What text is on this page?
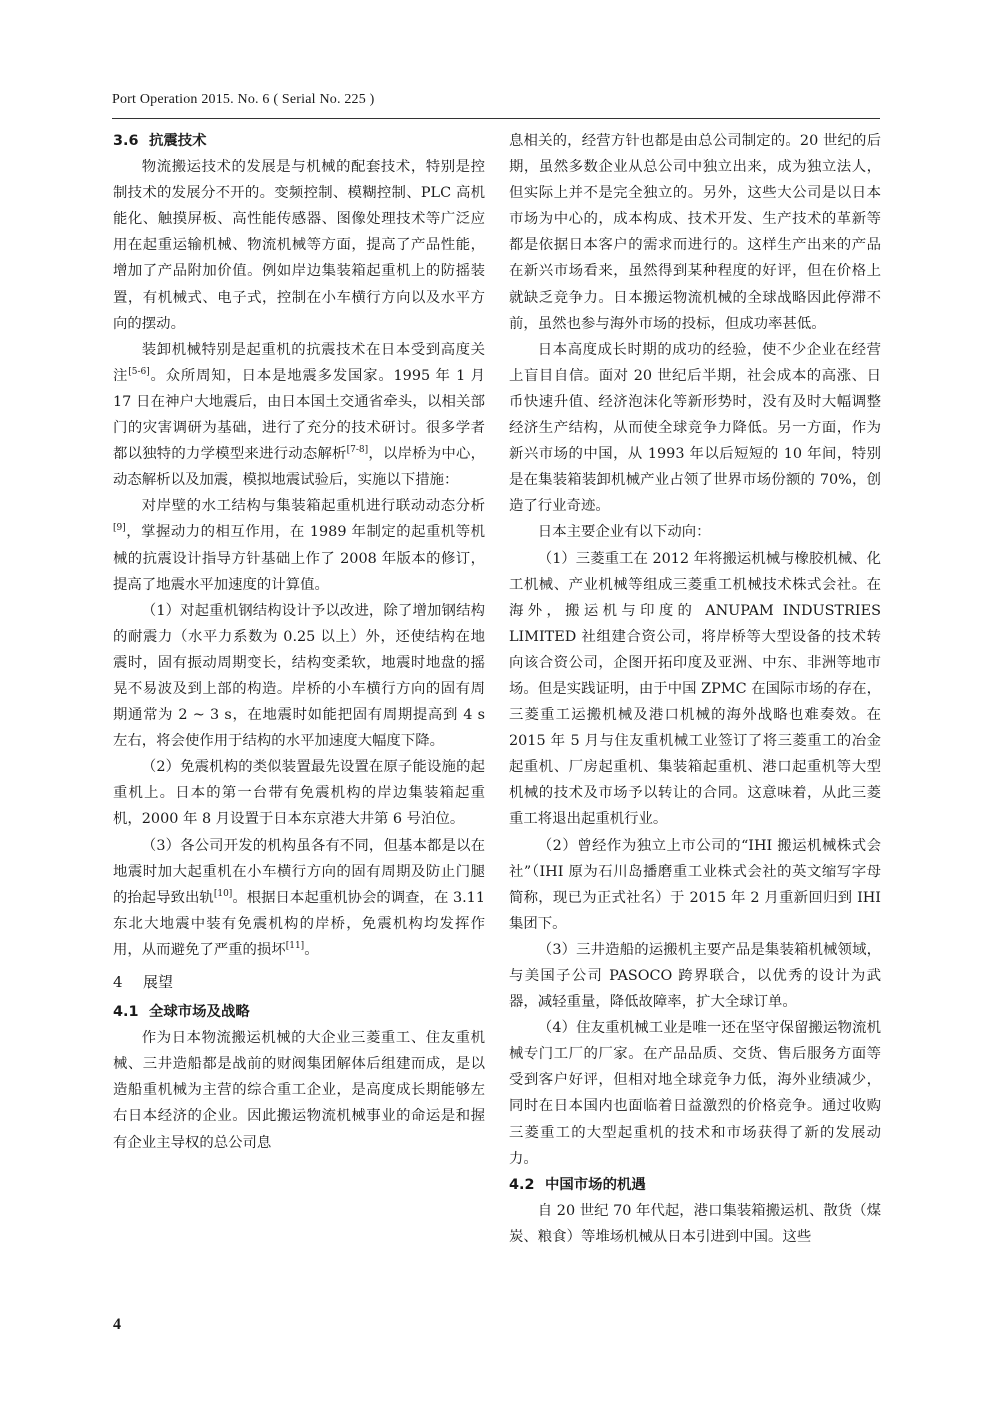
Port Operation 2015. No. 6 ( Serial No. 225 )

3.6 抗震技术

物流搬运技术的发展是与机械的配套技术，特别是控制技术的发展分不开的。变频控制、模糊控制、PLC 高机能化、触摸屏板、高性能传感器、图像处理技术等广泛应用在起重运输机械、物流机械等方面，提高了产品性能，增加了产品附加价值。例如岸边集装箱起重机上的防摇装置，有机械式、电子式，控制在小车横行方向以及水平方向的摆动。

装卸机械特别是起重机的抗震技术在日本受到高度关注[5-6]。众所周知，日本是地震多发国家。1995 年 1 月 17 日在神户大地震后，由日本国土交通省牵头，以相关部门的灾害调研为基础，进行了充分的技术研讨。很多学者都以独特的力学模型来进行动态解析[7-8]，以岸桥为中心，动态解析以及加震，模拟地震试验后，实施以下措施：

对岸壁的水工结构与集装箱起重机进行联动动态分析[9]，掌握动力的相互作用，在 1989 年制定的起重机等机械的抗震设计指导方针基础上作了 2008 年版本的修订，提高了地震水平加速度的计算值。

（1）对起重机钢结构设计予以改进，除了增加钢结构的耐震力（水平力系数为 0.25 以上）外，还使结构在地震时，固有振动周期变长，结构变柔软，地震时地盘的摇晃不易波及到上部的构造。岸桥的小车横行方向的固有周期通常为 2 ~ 3 s，在地震时如能把固有周期提高到 4 s 左右，将会使作用于结构的水平加速度大幅度下降。

（2）免震机构的类似装置最先设置在原子能设施的起重机上。日本的第一台带有免震机构的岸边集装箱起重机，2000 年 8 月设置于日本东京港大井第 6 号泊位。

（3）各公司开发的机构虽各有不同，但基本都是以在地震时加大起重机在小车横行方向的固有周期及防止门腿的抬起导致出轨[10]。根据日本起重机协会的调查，在 3.11 东北大地震中装有免震机构的岸桥，免震机构均发挥作用，从而避免了严重的损坏[11]。

4 展望

4.1 全球市场及战略

作为日本物流搬运机械的大企业三菱重工、住友重机械、三井造船都是战前的财阀集团解体后组建而成，是以造船重机械为主营的综合重工企业，是高度成长期能够左右日本经济的企业。因此搬运物流机械事业的命运是和握有企业主导权的总公司息

息相关的，经营方针也都是由总公司制定的。20 世纪的后期，虽然多数企业从总公司中独立出来，成为独立法人，但实际上并不是完全独立的。另外，这些大公司是以日本市场为中心的，成本构成、技术开发、生产技术的革新等都是依据日本客户的需求而进行的。这样生产出来的产品在新兴市场看来，虽然得到某种程度的好评，但在价格上就缺乏竞争力。日本搬运物流机械的全球战略因此停滞不前，虽然也参与海外市场的投标，但成功率甚低。

日本高度成长时期的成功的经验，使不少企业在经营上盲目自信。面对 20 世纪后半期，社会成本的高涨、日币快速升值、经济泡沫化等新形势时，没有及时大幅调整经济生产结构，从而使全球竞争力降低。另一方面，作为新兴市场的中国，从 1993 年以后短短的 10 年间，特别是在集装箱装卸机械产业占领了世界市场份额的 70%，创造了行业奇迹。

日本主要企业有以下动向：

（1）三菱重工在 2012 年将搬运机械与橡胶机械、化工机械、产业机械等组成三菱重工机械技术株式会社。在海外，搬运机与印度的 ANUPAM INDUSTRIES LIMITED 社组建合资公司，将岸桥等大型设备的技术转向该合资公司，企图开拓印度及亚洲、中东、非洲等地市场。但是实践证明，由于中国 ZPMC 在国际市场的存在，三菱重工运搬机械及港口机械的海外战略也难奏效。在 2015 年 5 月与住友重机械工业签订了将三菱重工的冶金起重机、厂房起重机、集装箱起重机、港口起重机等大型机械的技术及市场予以转让的合同。这意味着，从此三菱重工将退出起重机行业。

（2）曾经作为独立上市公司的“IHI 搬运机械株式会社”（IHI 原为石川岛播磨重工业株式会社的英文缩写字母简称，现已为正式社名）于 2015 年 2 月重新回归到 IHI 集团下。

（3）三井造船的运搬机主要产品是集装箱机械领域，与美国子公司 PASOCO 跨界联合，以优秀的设计为武器，减轻重量，降低故障率，扩大全球订单。

（4）住友重机械工业是唯一还在坚守保留搬运物流机械专门工厂的厂家。在产品品质、交货、售后服务方面等受到客户好评，但相对地全球竞争力低，海外业绩减少，同时在日本国内也面临着日益激烈的价格竞争。通过收购三菱重工的大型起重机的技术和市场获得了新的发展动力。

4.2 中国市场的机遇

自 20 世纪 70 年代起，港口集装箱搬运机、散货（煤炭、粮食）等堆场机械从日本引进到中国。这些

4
